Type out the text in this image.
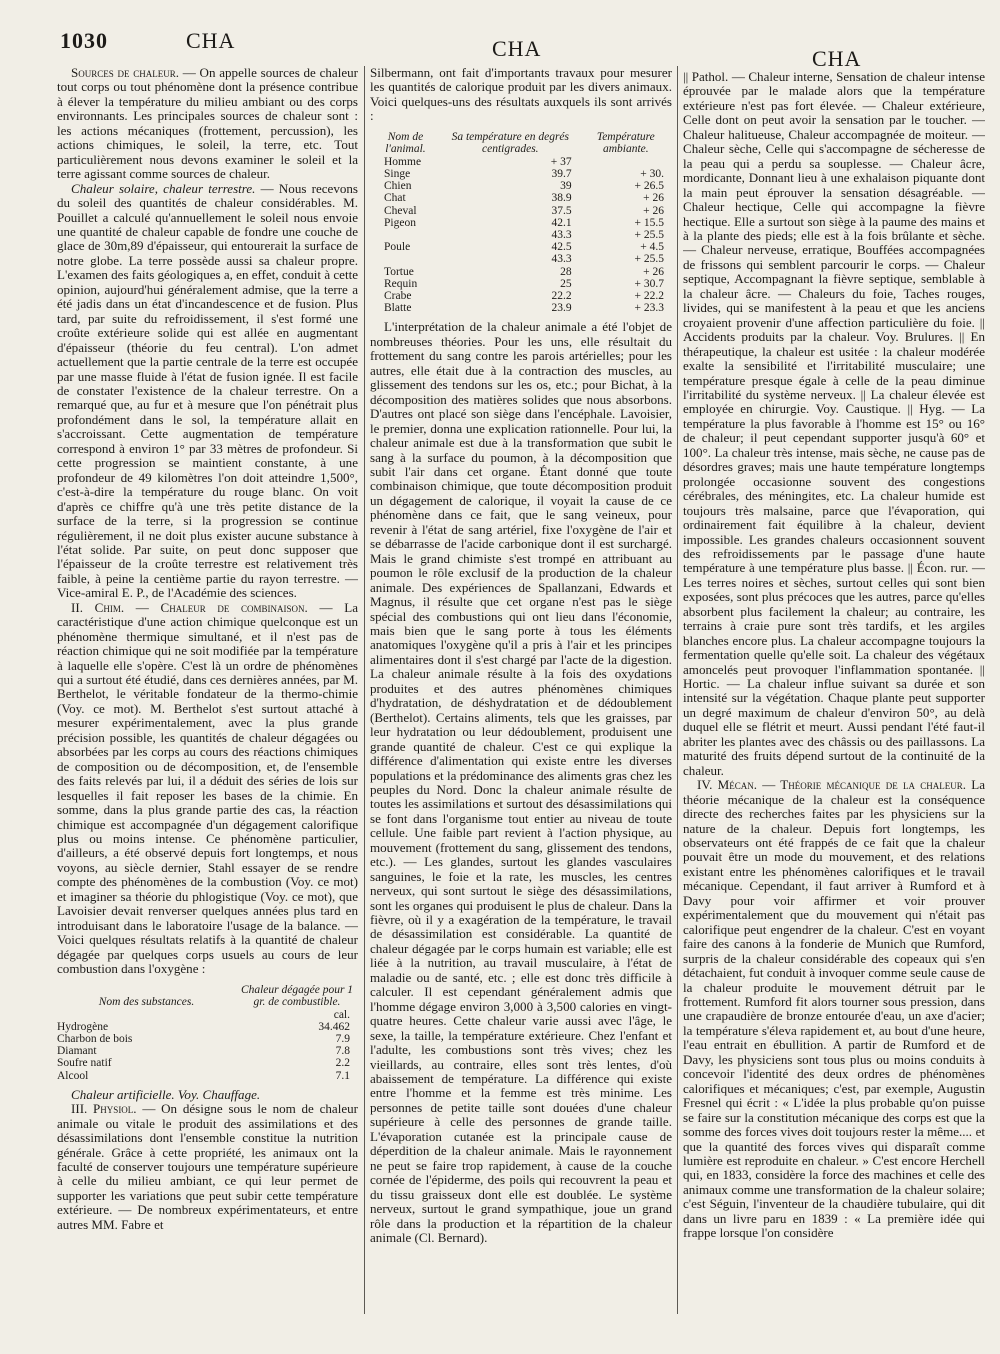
1030	CHA	CHA	CHA

Sources de chaleur. — On appelle sources de chaleur tout corps ou tout phénomène dont la présence contribue à élever la température du milieu ambiant ou des corps environnants. Les principales sources de chaleur sont : les actions mécaniques (frottement, percussion), les actions chimiques, le soleil, la terre, etc. Tout particulièrement nous devons examiner le soleil et la terre agissant comme sources de chaleur.

Chaleur solaire, chaleur terrestre. — Nous recevons du soleil des quantités de chaleur considérables. M. Pouillet a calculé qu'annuellement le soleil nous envoie une quantité de chaleur capable de fondre une couche de glace de 30m,89 d'épaisseur, qui entourerait la surface de notre globe. La terre possède aussi sa chaleur propre. L'examen des faits géologiques a, en effet, conduit à cette opinion, aujourd'hui généralement admise, que la terre a été jadis dans un état d'incandescence et de fusion. Plus tard, par suite du refroidissement, il s'est formé une croûte extérieure solide qui est allée en augmentant d'épaisseur (théorie du feu central). L'on admet actuellement que la partie centrale de la terre est occupée par une masse fluide à l'état de fusion ignée. Il est facile de constater l'existence de la chaleur terrestre. On a remarqué que, au fur et à mesure que l'on pénétrait plus profondément dans le sol, la température allait en s'accroissant. Cette augmentation de température correspond à environ 1° par 33 mètres de profondeur. Si cette progression se maintient constante, à une profondeur de 49 kilomètres l'on doit atteindre 1,500°, c'est-à-dire la température du rouge blanc. On voit d'après ce chiffre qu'à une très petite distance de la surface de la terre, si la progression se continue régulièrement, il ne doit plus exister aucune substance à l'état solide. Par suite, on peut donc supposer que l'épaisseur de la croûte terrestre est relativement très faible, à peine la centième partie du rayon terrestre. — Vice-amiral E. P., de l'Académie des sciences.

II. Chim. — Chaleur de combinaison. — La caractéristique d'une action chimique quelconque est un phénomène thermique simultané, et il n'est pas de réaction chimique qui ne soit modifiée par la température à laquelle elle s'opère. C'est là un ordre de phénomènes qui a surtout été étudié, dans ces dernières années, par M. Berthelot, le véritable fondateur de la thermo-chimie (Voy. ce mot). M. Berthelot s'est surtout attaché à mesurer expérimentalement, avec la plus grande précision possible, les quantités de chaleur dégagées ou absorbées par les corps au cours des réactions chimiques de composition ou de décomposition, et, de l'ensemble des faits relevés par lui, il a déduit des séries de lois sur lesquelles il fait reposer les bases de la chimie. En somme, dans la plus grande partie des cas, la réaction chimique est accompagnée d'un dégagement calorifique plus ou moins intense. Ce phénomène particulier, d'ailleurs, a été observé depuis fort longtemps, et nous voyons, au siècle dernier, Stahl essayer de se rendre compte des phénomènes de la combustion (Voy. ce mot) et imaginer sa théorie du phlogistique (Voy. ce mot), que Lavoisier devait renverser quelques années plus tard en introduisant dans le laboratoire l'usage de la balance. — Voici quelques résultats relatifs à la quantité de chaleur dégagée par quelques corps usuels au cours de leur combustion dans l'oxygène :

Nom des substances.	Chaleur dégagée pour 1 gr. de combustible.
	cal.
Hydrogène	34.462
Charbon de bois	7.9
Diamant	7.8
Soufre natif	2.2
Alcool	7.1

Chaleur artificielle. Voy. Chauffage.

III. Physiol. — On désigne sous le nom de chaleur animale ou vitale le produit des assimilations et des désassimilations dont l'ensemble constitue la nutrition générale. Grâce à cette propriété, les animaux ont la faculté de conserver toujours une température supérieure à celle du milieu ambiant, ce qui leur permet de supporter les variations que peut subir cette température extérieure. — De nombreux expérimentateurs, et entre autres MM. Fabre et

Silbermann, ont fait d'importants travaux pour mesurer les quantités de calorique produit par les divers animaux. Voici quelques-uns des résultats auxquels ils sont arrivés :

Nom de l'animal.	Sa température en degrés centigrades.	Température ambiante.
Homme	+ 37	
Singe	39.7	+ 30.
Chien	39	+ 26.5
Chat	38.9	+ 26
Cheval	37.5	+ 26
Pigeon	42.1	+ 15.5
	43.3	+ 25.5
Poule	42.5	+ 4.5
	43.3	+ 25.5
Tortue	28	+ 26
Requin	25	+ 30.7
Crabe	22.2	+ 22.2
Blatte	23.9	+ 23.3

L'interprétation de la chaleur animale a été l'objet de nombreuses théories. Pour les uns, elle résultait du frottement du sang contre les parois artérielles; pour les autres, elle était due à la contraction des muscles, au glissement des tendons sur les os, etc.; pour Bichat, à la décomposition des matières solides que nous absorbons. D'autres ont placé son siège dans l'encéphale. Lavoisier, le premier, donna une explication rationnelle. Pour lui, la chaleur animale est due à la transformation que subit le sang à la surface du poumon, à la décomposition que subit l'air dans cet organe. Étant donné que toute combinaison chimique, que toute décomposition produit un dégagement de calorique, il voyait la cause de ce phénomène dans ce fait, que le sang veineux, pour revenir à l'état de sang artériel, fixe l'oxygène de l'air et se débarrasse de l'acide carbonique dont il est surchargé. Mais le grand chimiste s'est trompé en attribuant au poumon le rôle exclusif de la production de la chaleur animale. Des expériences de Spallanzani, Edwards et Magnus, il résulte que cet organe n'est pas le siège spécial des combustions qui ont lieu dans l'économie, mais bien que le sang porte à tous les éléments anatomiques l'oxygène qu'il a pris à l'air et les principes alimentaires dont il s'est chargé par l'acte de la digestion. La chaleur animale résulte à la fois des oxydations produites et des autres phénomènes chimiques d'hydratation, de déshydratation et de dédoublement (Berthelot). Certains aliments, tels que les graisses, par leur hydratation ou leur dédoublement, produisent une grande quantité de chaleur. C'est ce qui explique la différence d'alimentation qui existe entre les diverses populations et la prédominance des aliments gras chez les peuples du Nord. Donc la chaleur animale résulte de toutes les assimilations et surtout des désassimilations qui se font dans l'organisme tout entier au niveau de toute cellule. Une faible part revient à l'action physique, au mouvement (frottement du sang, glissement des tendons, etc.). — Les glandes, surtout les glandes vasculaires sanguines, le foie et la rate, les muscles, les centres nerveux, qui sont surtout le siège des désassimilations, sont les organes qui produisent le plus de chaleur. Dans la fièvre, où il y a exagération de la température, le travail de désassimilation est considérable. La quantité de chaleur dégagée par le corps humain est variable; elle est liée à la nutrition, au travail musculaire, à l'état de maladie ou de santé, etc. ; elle est donc très difficile à calculer. Il est cependant généralement admis que l'homme dégage environ 3,000 à 3,500 calories en vingt-quatre heures. Cette chaleur varie aussi avec l'âge, le sexe, la taille, la température extérieure. Chez l'enfant et l'adulte, les combustions sont très vives; chez les vieillards, au contraire, elles sont très lentes, d'où abaissement de température. La différence qui existe entre l'homme et la femme est très minime. Les personnes de petite taille sont douées d'une chaleur supérieure à celle des personnes de grande taille. L'évaporation cutanée est la principale cause de déperdition de la chaleur animale. Mais le rayonnement ne peut se faire trop rapidement, à cause de la couche cornée de l'épiderme, des poils qui recouvrent la peau et du tissu graisseux dont elle est doublée. Le système nerveux, surtout le grand sympathique, joue un grand rôle dans la production et la répartition de la chaleur animale (Cl. Bernard).

|| Pathol. — Chaleur interne, Sensation de chaleur intense éprouvée par le malade alors que la température extérieure n'est pas fort élevée. — Chaleur extérieure, Celle dont on peut avoir la sensation par le toucher. — Chaleur halitueuse, Chaleur accompagnée de moiteur. — Chaleur sèche, Celle qui s'accompagne de sécheresse de la peau qui a perdu sa souplesse. — Chaleur âcre, mordicante, Donnant lieu à une exhalaison piquante dont la main peut éprouver la sensation désagréable. — Chaleur hectique, Celle qui accompagne la fièvre hectique. Elle a surtout son siège à la paume des mains et à la plante des pieds; elle est à la fois brûlante et sèche. — Chaleur nerveuse, erratique, Bouffées accompagnées de frissons qui semblent parcourir le corps. — Chaleur septique, Accompagnant la fièvre septique, semblable à la chaleur âcre. — Chaleurs du foie, Taches rouges, livides, qui se manifestent à la peau et que les anciens croyaient provenir d'une affection particulière du foie. || Accidents produits par la chaleur. Voy. Brulures. || En thérapeutique, la chaleur est usitée : la chaleur modérée exalte la sensibilité et l'irritabilité musculaire; une température presque égale à celle de la peau diminue l'irritabilité du système nerveux. || La chaleur élevée est employée en chirurgie. Voy. Caustique. || Hyg. — La température la plus favorable à l'homme est 15° ou 16° de chaleur; il peut cependant supporter jusqu'à 60° et 100°. La chaleur très intense, mais sèche, ne cause pas de désordres graves; mais une haute température longtemps prolongée occasionne souvent des congestions cérébrales, des méningites, etc. La chaleur humide est toujours très malsaine, parce que l'évaporation, qui ordinairement fait équilibre à la chaleur, devient impossible. Les grandes chaleurs occasionnent souvent des refroidissements par le passage d'une haute température à une température plus basse. || Écon. rur. — Les terres noires et sèches, surtout celles qui sont bien exposées, sont plus précoces que les autres, parce qu'elles absorbent plus facilement la chaleur; au contraire, les terrains à craie pure sont très tardifs, et les argiles blanches encore plus. La chaleur accompagne toujours la fermentation quelle qu'elle soit. La chaleur des végétaux amoncelés peut provoquer l'inflammation spontanée. || Hortic. — La chaleur influe suivant sa durée et son intensité sur la végétation. Chaque plante peut supporter un degré maximum de chaleur d'environ 50°, au delà duquel elle se flétrit et meurt. Aussi pendant l'été faut-il abriter les plantes avec des châssis ou des paillassons. La maturité des fruits dépend surtout de la continuité de la chaleur.

IV. Mécan. — Théorie mécanique de la chaleur. La théorie mécanique de la chaleur est la conséquence directe des recherches faites par les physiciens sur la nature de la chaleur. Depuis fort longtemps, les observateurs ont été frappés de ce fait que la chaleur pouvait être un mode du mouvement, et des relations existant entre les phénomènes calorifiques et le travail mécanique. Cependant, il faut arriver à Rumford et à Davy pour voir affirmer et voir prouver expérimentalement que du mouvement qui n'était pas calorifique peut engendrer de la chaleur. C'est en voyant faire des canons à la fonderie de Munich que Rumford, surpris de la chaleur considérable des copeaux qui s'en détachaient, fut conduit à invoquer comme seule cause de la chaleur produite le mouvement détruit par le frottement. Rumford fit alors tourner sous pression, dans une crapaudière de bronze entourée d'eau, un axe d'acier; la température s'éleva rapidement et, au bout d'une heure, l'eau entrait en ébullition. A partir de Rumford et de Davy, les physiciens sont tous plus ou moins conduits à concevoir l'identité des deux ordres de phénomènes calorifiques et mécaniques; c'est, par exemple, Augustin Fresnel qui écrit : « L'idée la plus probable qu'on puisse se faire sur la constitution mécanique des corps est que la somme des forces vives doit toujours rester la même.... et que la quantité des forces vives qui disparaît comme lumière est reproduite en chaleur. » C'est encore Herchell qui, en 1833, considère la force des machines et celle des animaux comme une transformation de la chaleur solaire; c'est Séguin, l'inventeur de la chaudière tubulaire, qui dit dans un livre paru en 1839 : « La première idée qui frappe lorsque l'on considère
